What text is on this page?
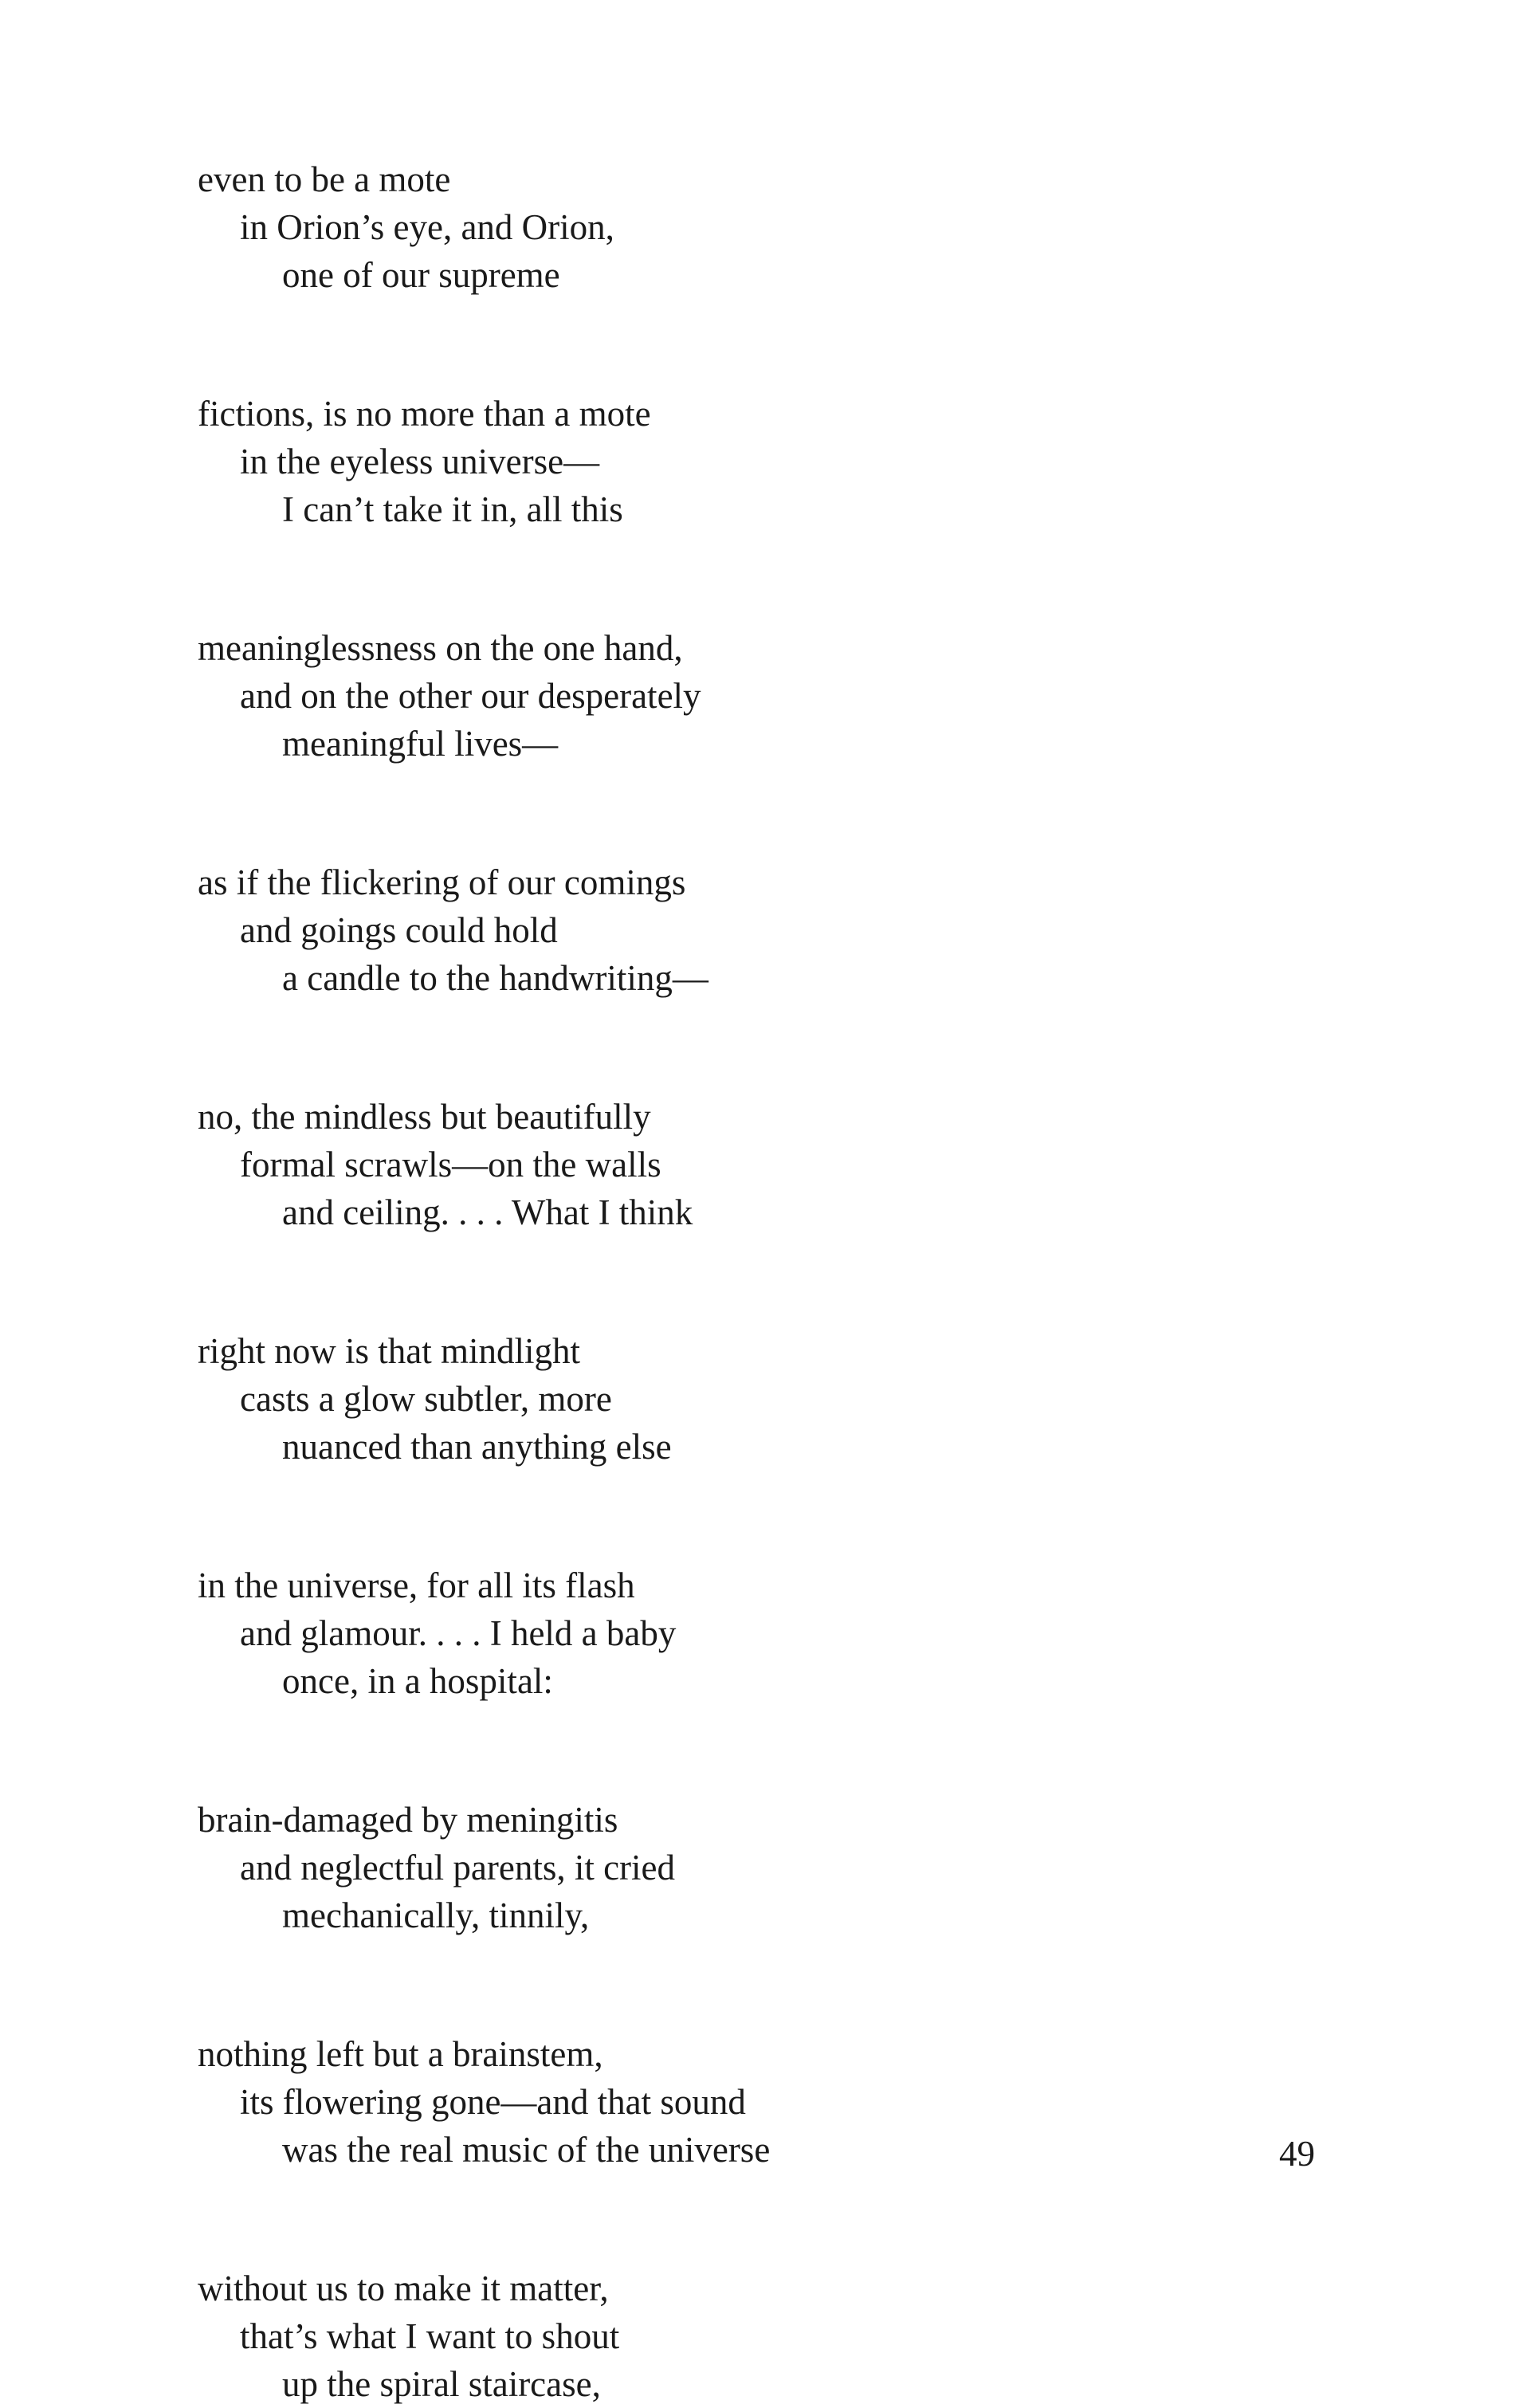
even to be a mote
in Orion’s eye, and Orion,
one of our supreme
fictions, is no more than a mote
in the eyeless universe—
I can’t take it in, all this
meaninglessness on the one hand,
and on the other our desperately
meaningful lives—
as if the flickering of our comings
and goings could hold
a candle to the handwriting—
no, the mindless but beautifully
formal scrawls—on the walls
and ceiling. . . . What I think
right now is that mindlight
casts a glow subtler, more
nuanced than anything else
in the universe, for all its flash
and glamour. . . . I held a baby
once, in a hospital:
brain-damaged by meningitis
and neglectful parents, it cried
mechanically, tinnily,
nothing left but a brainstem,
its flowering gone—and that sound
was the real music of the universe
without us to make it matter,
that’s what I want to shout
up the spiral staircase,
49
